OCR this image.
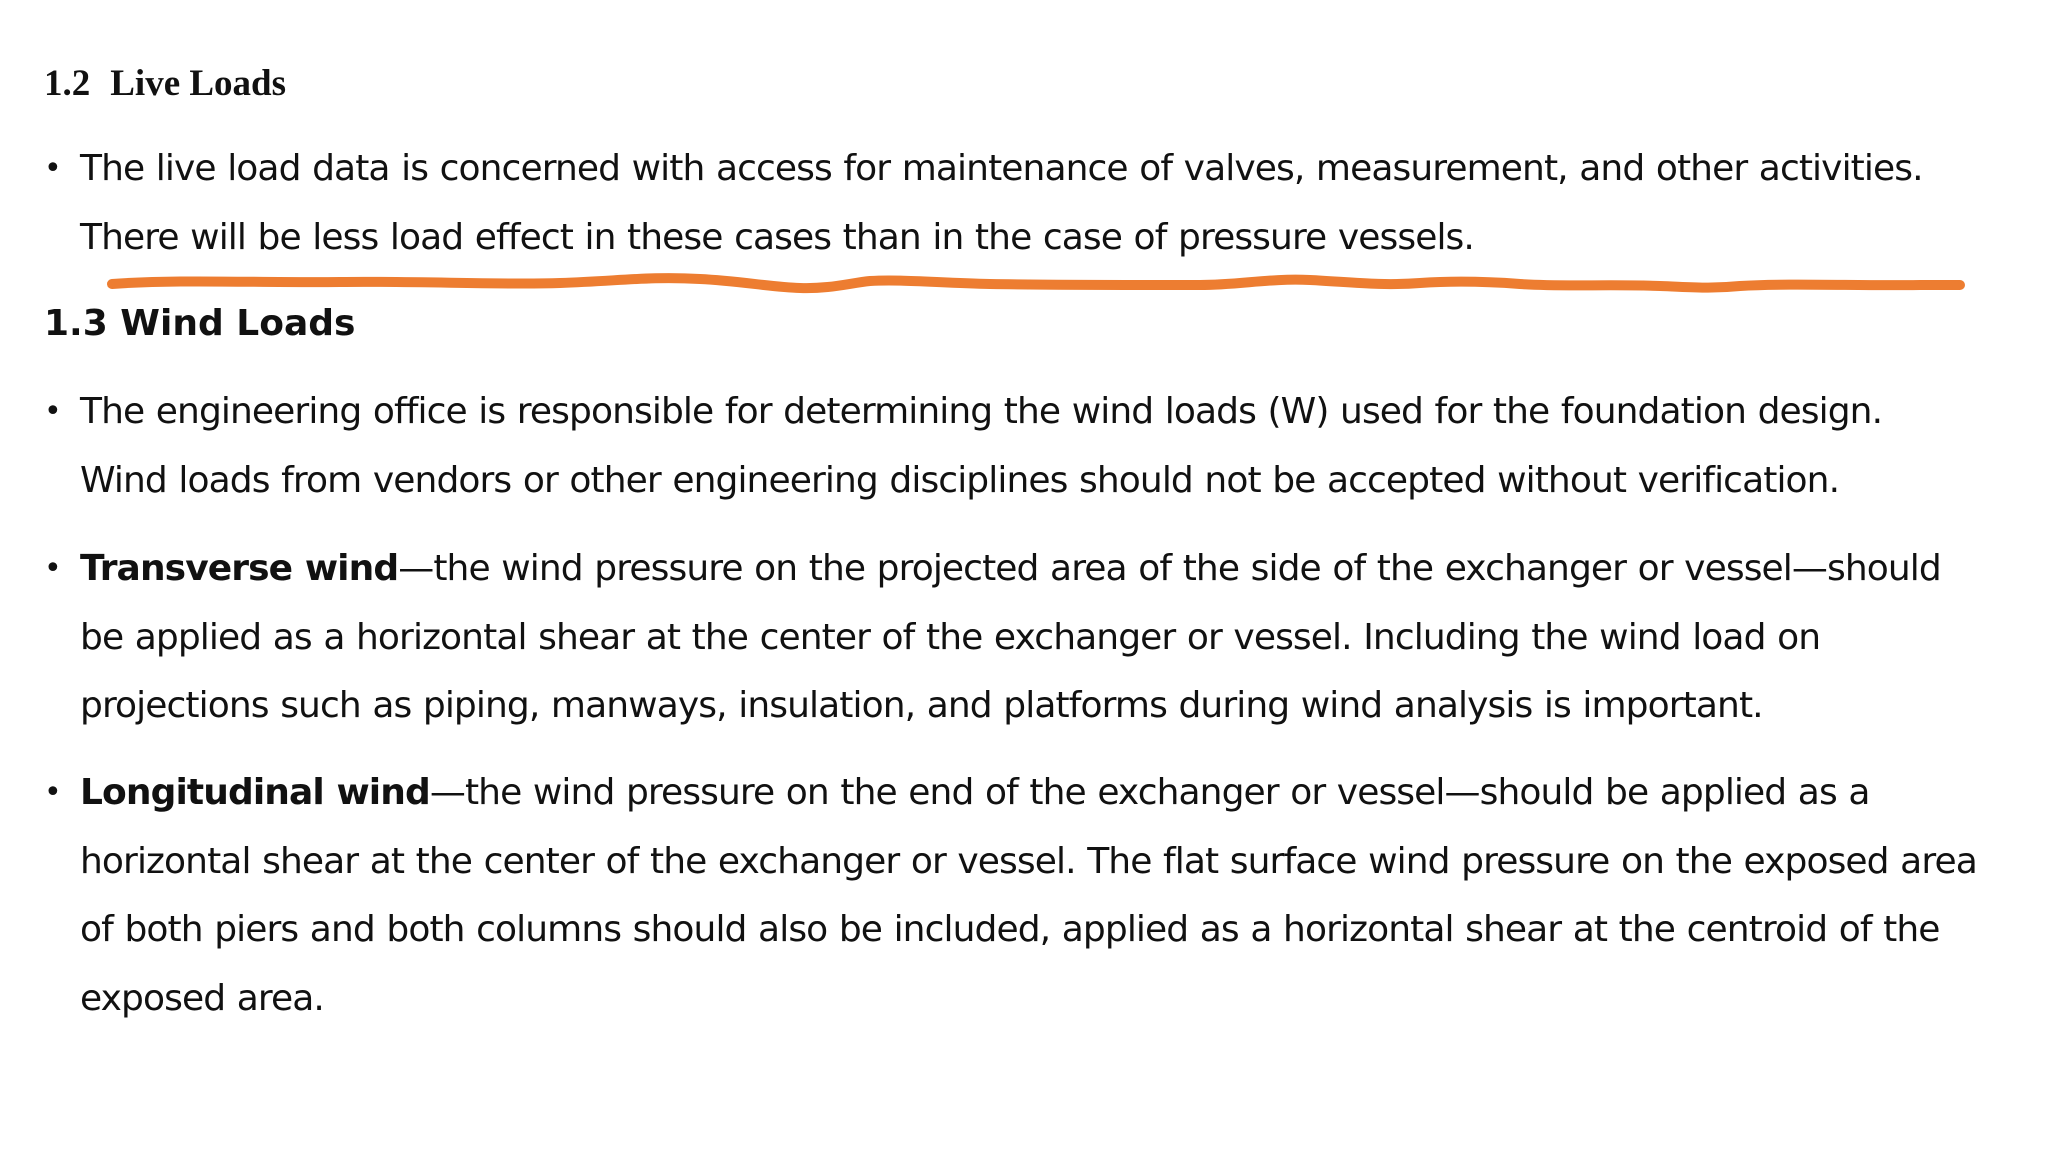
1.2 Live Loads
• The live load data is concerned with access for maintenance of valves, measurement, and other activities.
There will be less load effect in these cases than in the case of pressure vessels.
1.3 Wind Loads
• The engineering office is responsible for determining the wind loads (W) used for the foundation design.
Wind loads from vendors or other engineering disciplines should not be accepted without verification.
• Transverse wind—the wind pressure on the projected area of the side of the exchanger or vessel—should
be applied as a horizontal shear at the center of the exchanger or vessel. Including the wind load on
projections such as piping, manways, insulation, and platforms during wind analysis is important.
• Longitudinal wind—the wind pressure on the end of the exchanger or vessel—should be applied as a
horizontal shear at the center of the exchanger or vessel. The flat surface wind pressure on the exposed area
of both piers and both columns should also be included, applied as a horizontal shear at the centroid of the
exposed area.
